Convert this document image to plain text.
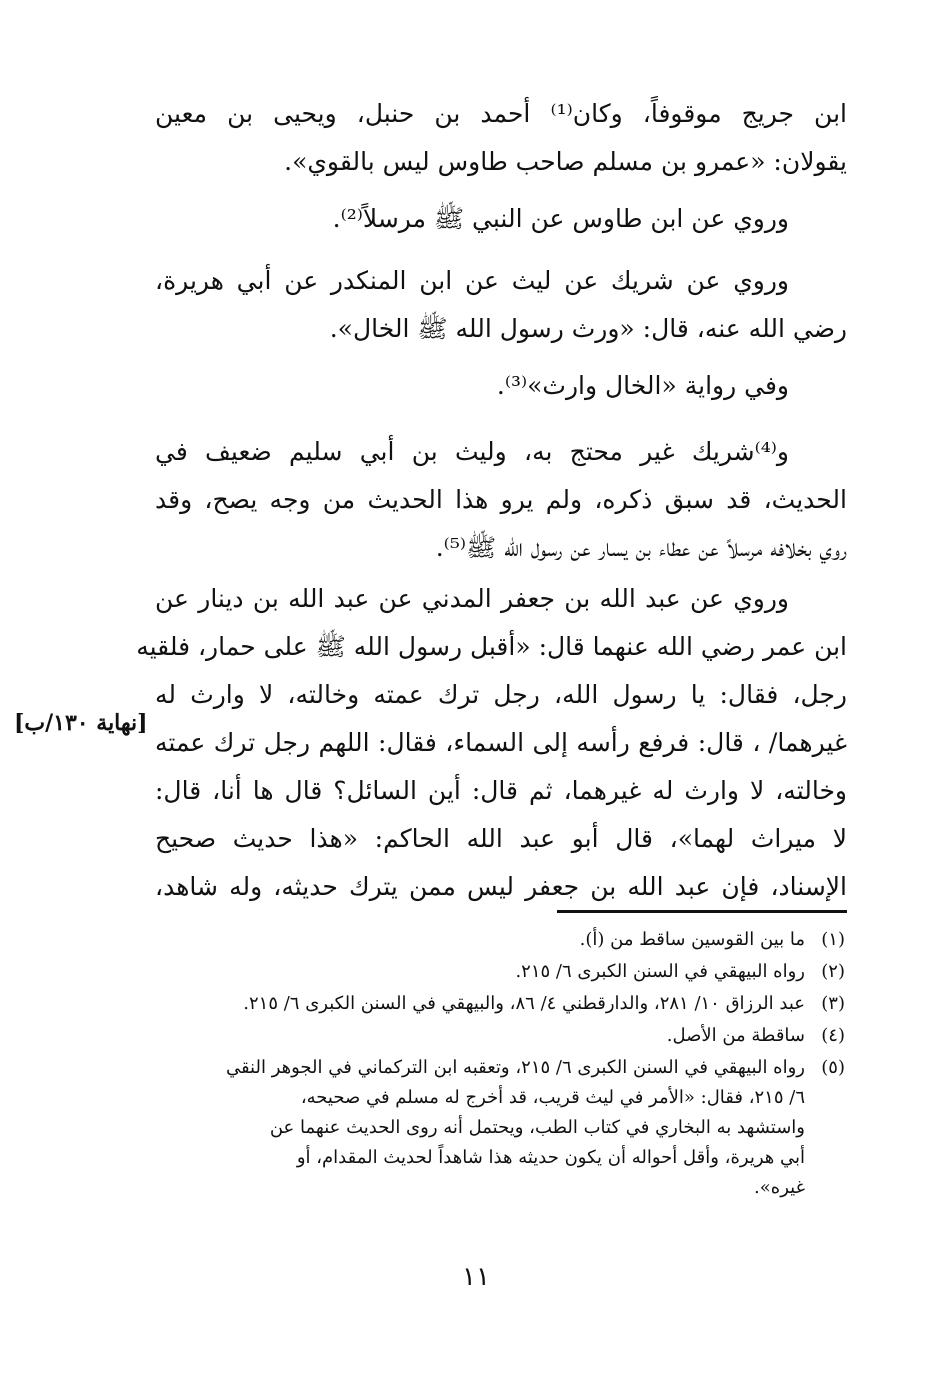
ابن جريج موقوفاً، وكان⁽¹⁾ أحمد بن حنبل، ويحيى بن معين
يقولان: «عمرو بن مسلم صاحب طاوس ليس بالقوي».
وروي عن ابن طاوس عن النبي ﷺ مرسلاً⁽²⁾.
وروي عن شريك عن ليث عن ابن المنكدر عن أبي هريرة،
رضي الله عنه، قال: «ورث رسول الله ﷺ الخال».
وفي رواية «الخال وارث»⁽³⁾.
و⁽⁴⁾شريك غير محتج به، وليث بن أبي سليم ضعيف في
الحديث، قد سبق ذكره، ولم يرو هذا الحديث من وجه يصح، وقد
روي بخلافه مرسلاً عن عطاء بن يسار عن رسول الله ﷺ⁽⁵⁾.
وروي عن عبد الله بن جعفر المدني عن عبد الله بن دينار عن
ابن عمر رضي الله عنهما قال: «أقبل رسول الله ﷺ على حمار، فلقيه
رجل، فقال: يا رسول الله، رجل ترك عمته وخالته، لا وارث له
غيرهما/ ، قال: فرفع رأسه إلى السماء، فقال: اللهم رجل ترك عمته
وخالته، لا وارث له غيرهما، ثم قال: أين السائل؟ قال ها أنا، قال:
لا ميراث لهما»، قال أبو عبد الله الحاكم: «هذا حديث صحيح
الإسناد، فإن عبد الله بن جعفر ليس ممن يترك حديثه، وله شاهد،
[نهاية ١٣٠/ب]
(١)
ما بين القوسين ساقط من (أ).
(٢)
رواه البيهقي في السنن الكبرى ٦/ ٢١٥.
(٣)
عبد الرزاق ١٠/ ٢٨١، والدارقطني ٤/ ٨٦، والبيهقي في السنن الكبرى ٦/ ٢١٥.
(٤)
ساقطة من الأصل.
(٥)
رواه البيهقي في السنن الكبرى ٦/ ٢١٥، وتعقبه ابن التركماني في الجوهر النقي
٦/ ٢١٥، فقال: «الأمر في ليث قريب، قد أخرج له مسلم في صحيحه،
واستشهد به البخاري في كتاب الطب، ويحتمل أنه روى الحديث عنهما عن
أبي هريرة، وأقل أحواله أن يكون حديثه هذا شاهداً لحديث المقدام، أو
غيره».
١١
